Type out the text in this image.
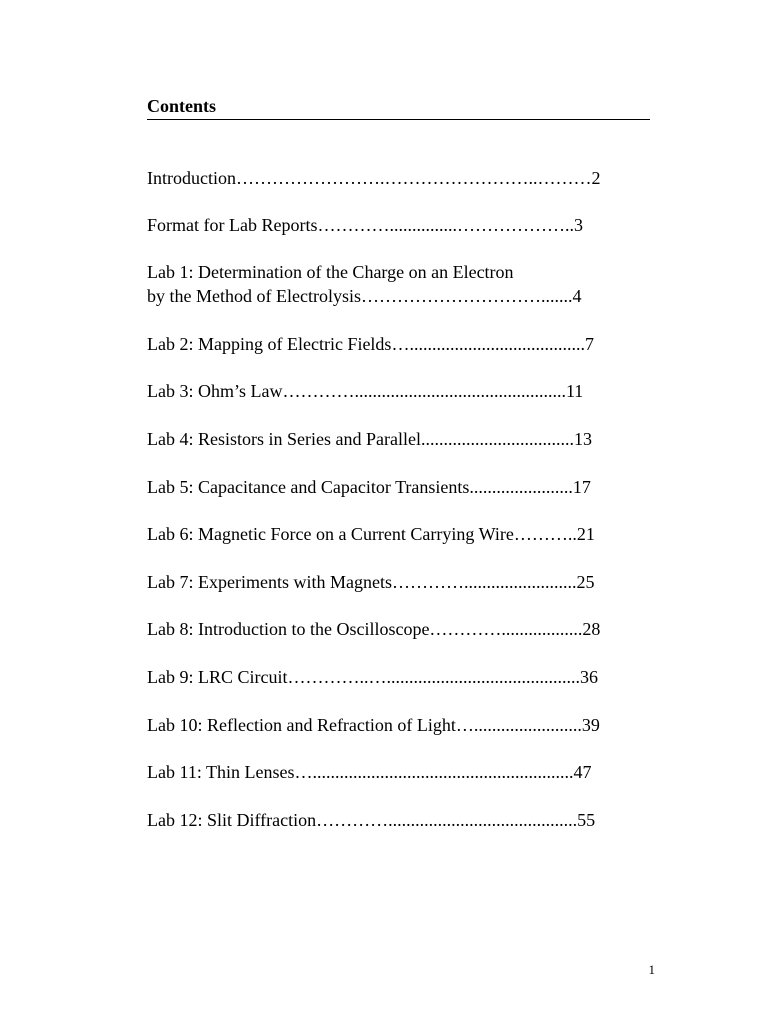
Contents
Introduction…………………….……………………..………2
Format for Lab Reports…………...............………………..3
Lab 1: Determination of the Charge on an Electron
by the Method of Electrolysis………………………….......4
Lab 2: Mapping of Electric Fields….......................................7
Lab 3: Ohm’s Law…………...............................................11
Lab 4: Resistors in Series and Parallel..................................13
Lab 5: Capacitance and Capacitor Transients.......................17
Lab 6: Magnetic Force on a Current Carrying Wire………..21
Lab 7: Experiments with Magnets………….........................25
Lab 8: Introduction to the Oscilloscope…………..................28
Lab 9: LRC Circuit…………..…...........................................36
Lab 10: Reflection and Refraction of Light…........................39
Lab 11: Thin Lenses…..........................................................47
Lab 12: Slit Diffraction…………..........................................55
1
